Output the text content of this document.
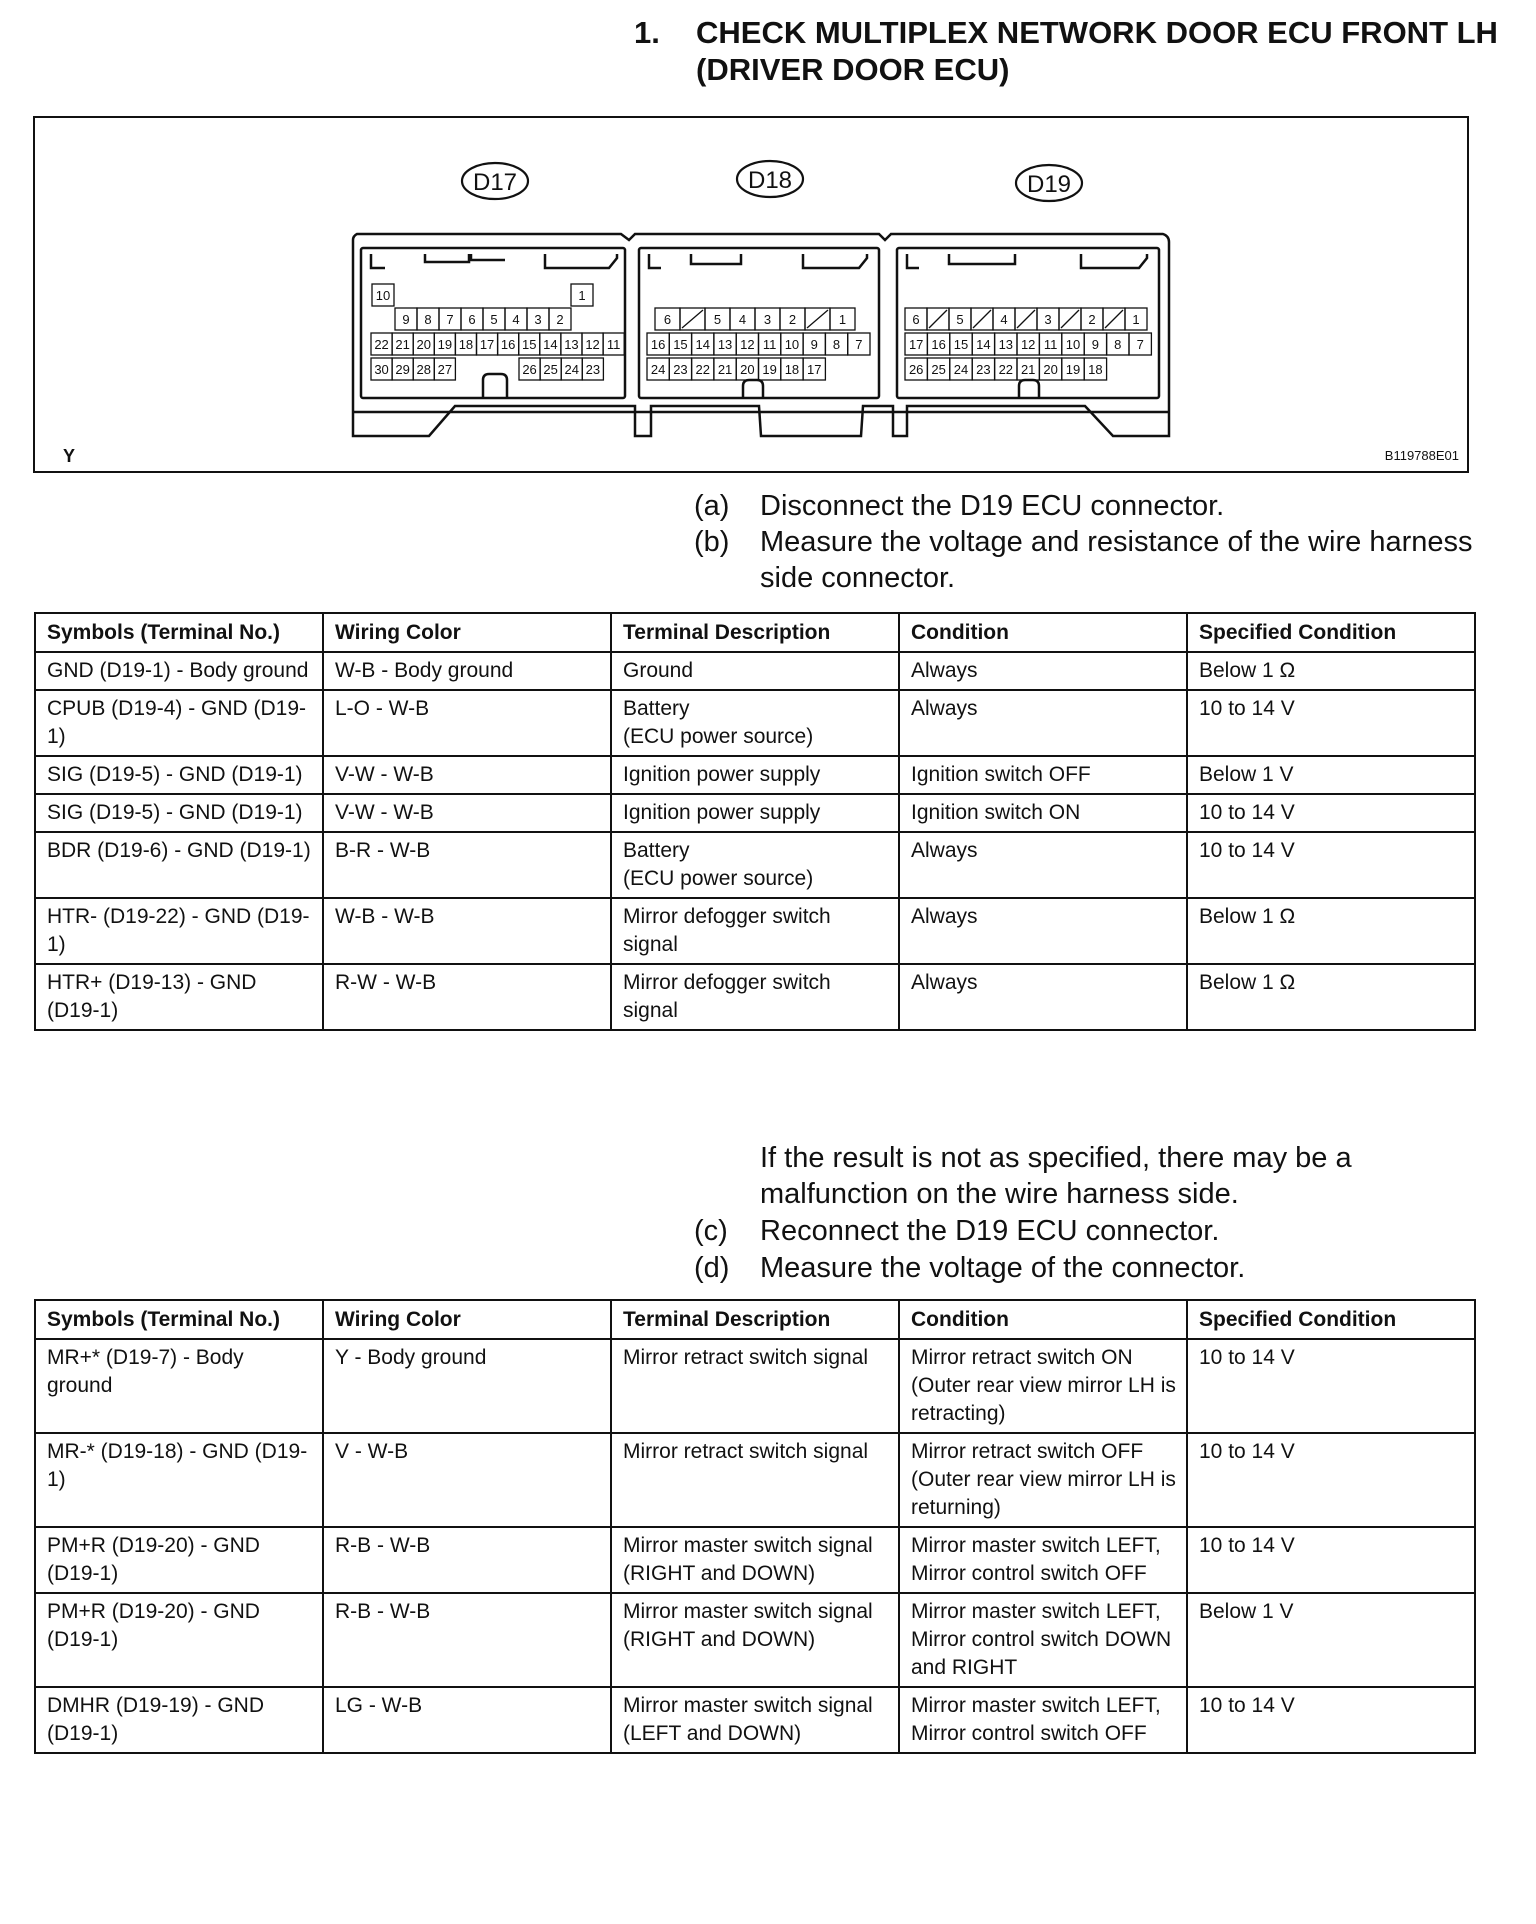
1. CHECK MULTIPLEX NETWORK DOOR ECU FRONT LH (DRIVER DOOR ECU)
D17	D18	D19
10	1
9 8 7 6 5 4 3 2
22 21 20 19 18 17 16 15 14 13 12 11
30 29 28 27	26 25 24 23
6	5 4 3 2	1
16 15 14 13 12 11 10 9 8 7
24 23 22 21 20 19 18 17
6	5	4	3	2	1
17 16 15 14 13 12 11 10 9 8 7
26 25 24 23 22 21 20 19 18
Y	B119788E01
(a) Disconnect the D19 ECU connector.
(b) Measure the voltage and resistance of the wire harness side connector.
Symbols (Terminal No.)	Wiring Color	Terminal Description	Condition	Specified Condition
GND (D19-1) - Body ground	W-B - Body ground	Ground	Always	Below 1 Ω
CPUB (D19-4) - GND (D19-1)	L-O - W-B	Battery
(ECU power source)	Always	10 to 14 V
SIG (D19-5) - GND (D19-1)	V-W - W-B	Ignition power supply	Ignition switch OFF	Below 1 V
SIG (D19-5) - GND (D19-1)	V-W - W-B	Ignition power supply	Ignition switch ON	10 to 14 V
BDR (D19-6) - GND (D19-1)	B-R - W-B	Battery
(ECU power source)	Always	10 to 14 V
HTR- (D19-22) - GND (D19-1)	W-B - W-B	Mirror defogger switch signal	Always	Below 1 Ω
HTR+ (D19-13) - GND (D19-1)	R-W - W-B	Mirror defogger switch signal	Always	Below 1 Ω
If the result is not as specified, there may be a malfunction on the wire harness side.
(c) Reconnect the D19 ECU connector.
(d) Measure the voltage of the connector.
Symbols (Terminal No.)	Wiring Color	Terminal Description	Condition	Specified Condition
MR+* (D19-7) - Body ground	Y - Body ground	Mirror retract switch signal	Mirror retract switch ON (Outer rear view mirror LH is retracting)	10 to 14 V
MR-* (D19-18) - GND (D19-1)	V - W-B	Mirror retract switch signal	Mirror retract switch OFF (Outer rear view mirror LH is returning)	10 to 14 V
PM+R (D19-20) - GND (D19-1)	R-B - W-B	Mirror master switch signal (RIGHT and DOWN)	Mirror master switch LEFT,
Mirror control switch OFF	10 to 14 V
PM+R (D19-20) - GND (D19-1)	R-B - W-B	Mirror master switch signal (RIGHT and DOWN)	Mirror master switch LEFT,
Mirror control switch DOWN and RIGHT	Below 1 V
DMHR (D19-19) - GND (D19-1)	LG - W-B	Mirror master switch signal (LEFT and DOWN)	Mirror master switch LEFT,
Mirror control switch OFF	10 to 14 V
